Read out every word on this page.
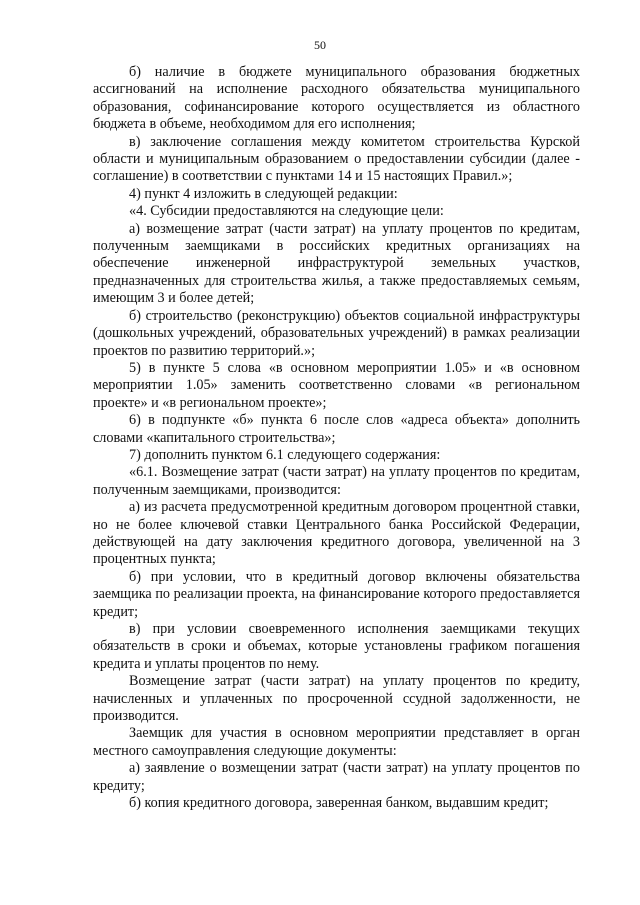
50

б) наличие в бюджете муниципального образования бюджетных ассигнований на исполнение расходного обязательства муниципального образования, софинансирование которого осуществляется из областного бюджета в объеме, необходимом для его исполнения;

в) заключение соглашения между комитетом строительства Курской области и муниципальным образованием о предоставлении субсидии (далее - соглашение) в соответствии с пунктами 14 и 15 настоящих Правил.»;

4) пункт 4 изложить в следующей редакции:

«4. Субсидии предоставляются на следующие цели:

а) возмещение затрат (части затрат) на уплату процентов по кредитам, полученным заемщиками в российских кредитных организациях на обеспечение инженерной инфраструктурой земельных участков, предназначенных для строительства жилья, а также предоставляемых семьям, имеющим 3 и более детей;

б) строительство (реконструкцию) объектов социальной инфраструктуры (дошкольных учреждений, образовательных учреждений) в рамках реализации проектов по развитию территорий.»;

5) в пункте 5 слова «в основном мероприятии 1.05» и «в основном мероприятии 1.05» заменить соответственно словами «в региональном проекте» и «в региональном проекте»;

6) в подпункте «б» пункта 6 после слов «адреса объекта» дополнить словами «капитального строительства»;

7) дополнить пунктом 6.1 следующего содержания:

«6.1. Возмещение затрат (части затрат) на уплату процентов по кредитам, полученным заемщиками, производится:

а) из расчета предусмотренной кредитным договором процентной ставки, но не более ключевой ставки Центрального банка Российской Федерации, действующей на дату заключения кредитного договора, увеличенной на 3 процентных пункта;

б) при условии, что в кредитный договор включены обязательства заемщика по реализации проекта, на финансирование которого предоставляется кредит;

в) при условии своевременного исполнения заемщиками текущих обязательств в сроки и объемах, которые установлены графиком погашения кредита и уплаты процентов по нему.

Возмещение затрат (части затрат) на уплату процентов по кредиту, начисленных и уплаченных по просроченной ссудной задолженности, не производится.

Заемщик для участия в основном мероприятии представляет в орган местного самоуправления следующие документы:

а) заявление о возмещении затрат (части затрат) на уплату процентов по кредиту;

б) копия кредитного договора, заверенная банком, выдавшим кредит;
